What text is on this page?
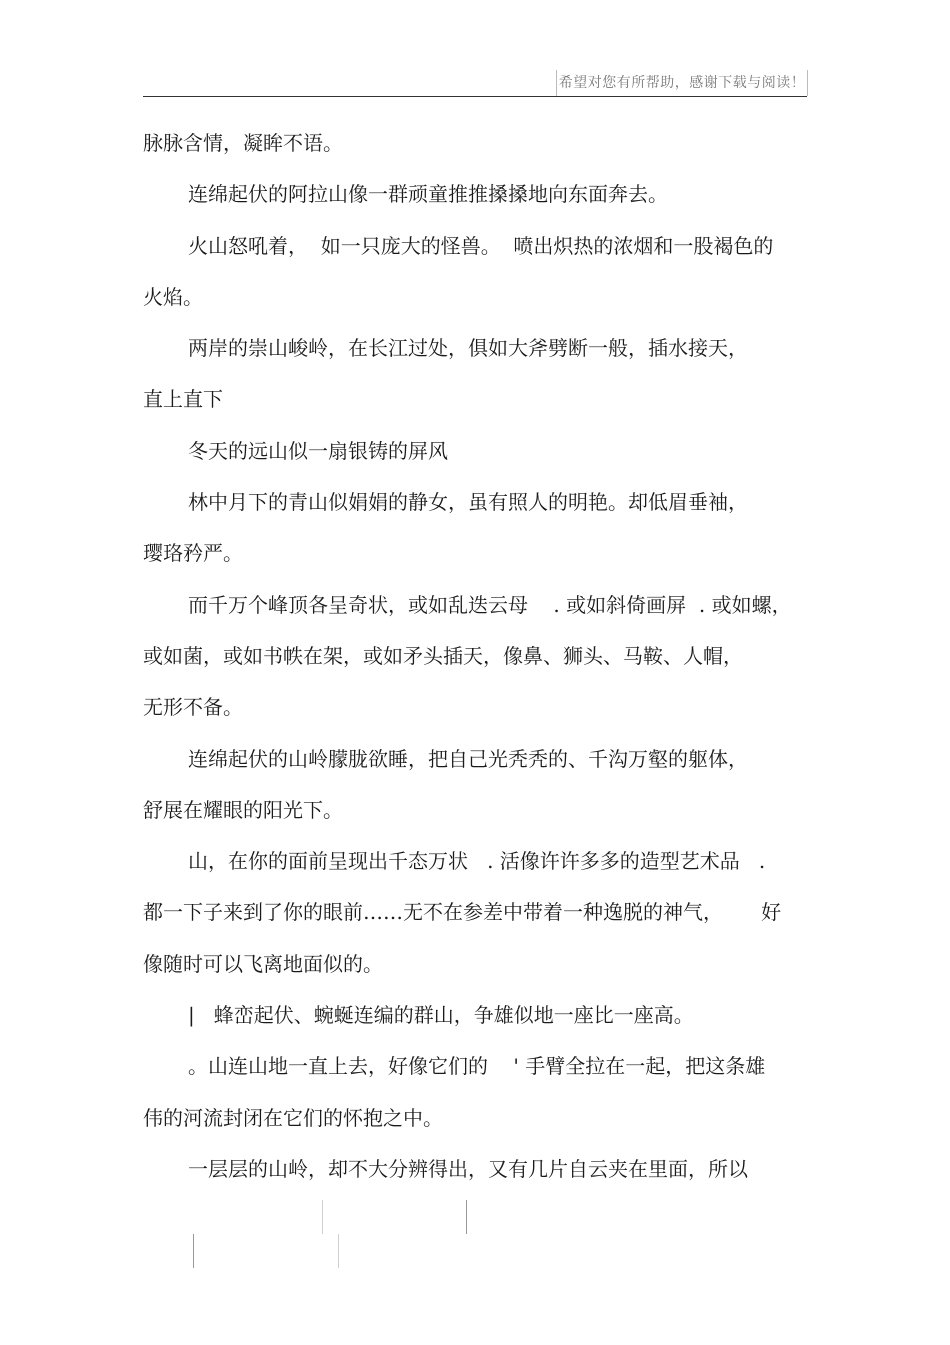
希望对您有所帮助，感谢下载与阅读！
脉脉含情，凝眸不语。
连绵起伏的阿拉山像一群顽童推推搡搡地向东面奔去。
火山怒吼着，  如一只庞大的怪兽。  喷出炽热的浓烟和一股褐色的
火焰。
两岸的崇山峻岭，在长江过处，俱如大斧劈断一般，插水接天，
直上直下
冬天的远山似一扇银铸的屏风
林中月下的青山似娟娟的静女，虽有照人的明艳。却低眉垂袖，
璎珞矜严。
而千万个峰顶各呈奇状，或如乱迭云母    . 或如斜倚画屏  . 或如螺，
或如菌，或如书帙在架，或如矛头插天，像鼻、狮头、马鞍、人帽，
无形不备。
连绵起伏的山岭朦胧欲睡，把自己光秃秃的、千沟万壑的躯体，
舒展在耀眼的阳光下。
山，在你的面前呈现出千态万状   . 活像许许多多的造型艺术品   .
都一下子来到了你的眼前……无不在参差中带着一种逸脱的神气，      好
像随时可以飞离地面似的。
|   蜂峦起伏、蜿蜒连编的群山，争雄似地一座比一座高。
。山连山地一直上去，好像它们的    ' 手臂全拉在一起，把这条雄
伟的河流封闭在它们的怀抱之中。
一层层的山岭，却不大分辨得出，又有几片自云夹在里面，所以
